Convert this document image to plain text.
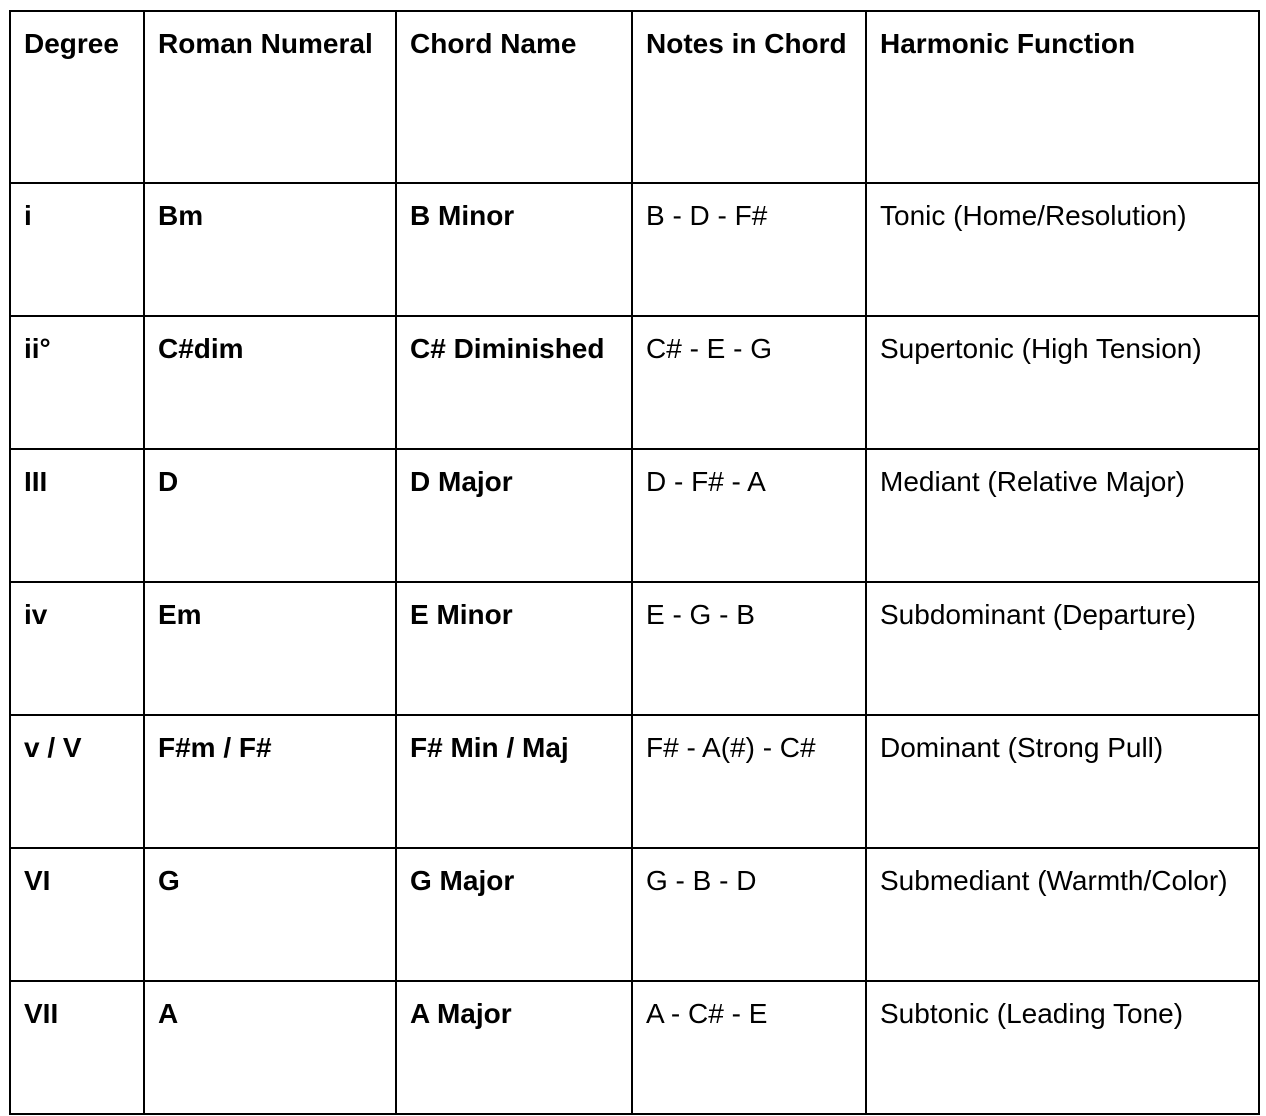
Degree	Roman Numeral	Chord Name	Notes in Chord	Harmonic Function
i	Bm	B Minor	B - D - F#	Tonic (Home/Resolution)
ii°	C#dim	C# Diminished	C# - E - G	Supertonic (High Tension)
III	D	D Major	D - F# - A	Mediant (Relative Major)
iv	Em	E Minor	E - G - B	Subdominant (Departure)
v / V	F#m / F#	F# Min / Maj	F# - A(#) - C#	Dominant (Strong Pull)
VI	G	G Major	G - B - D	Submediant (Warmth/Color)
VII	A	A Major	A - C# - E	Subtonic (Leading Tone)
